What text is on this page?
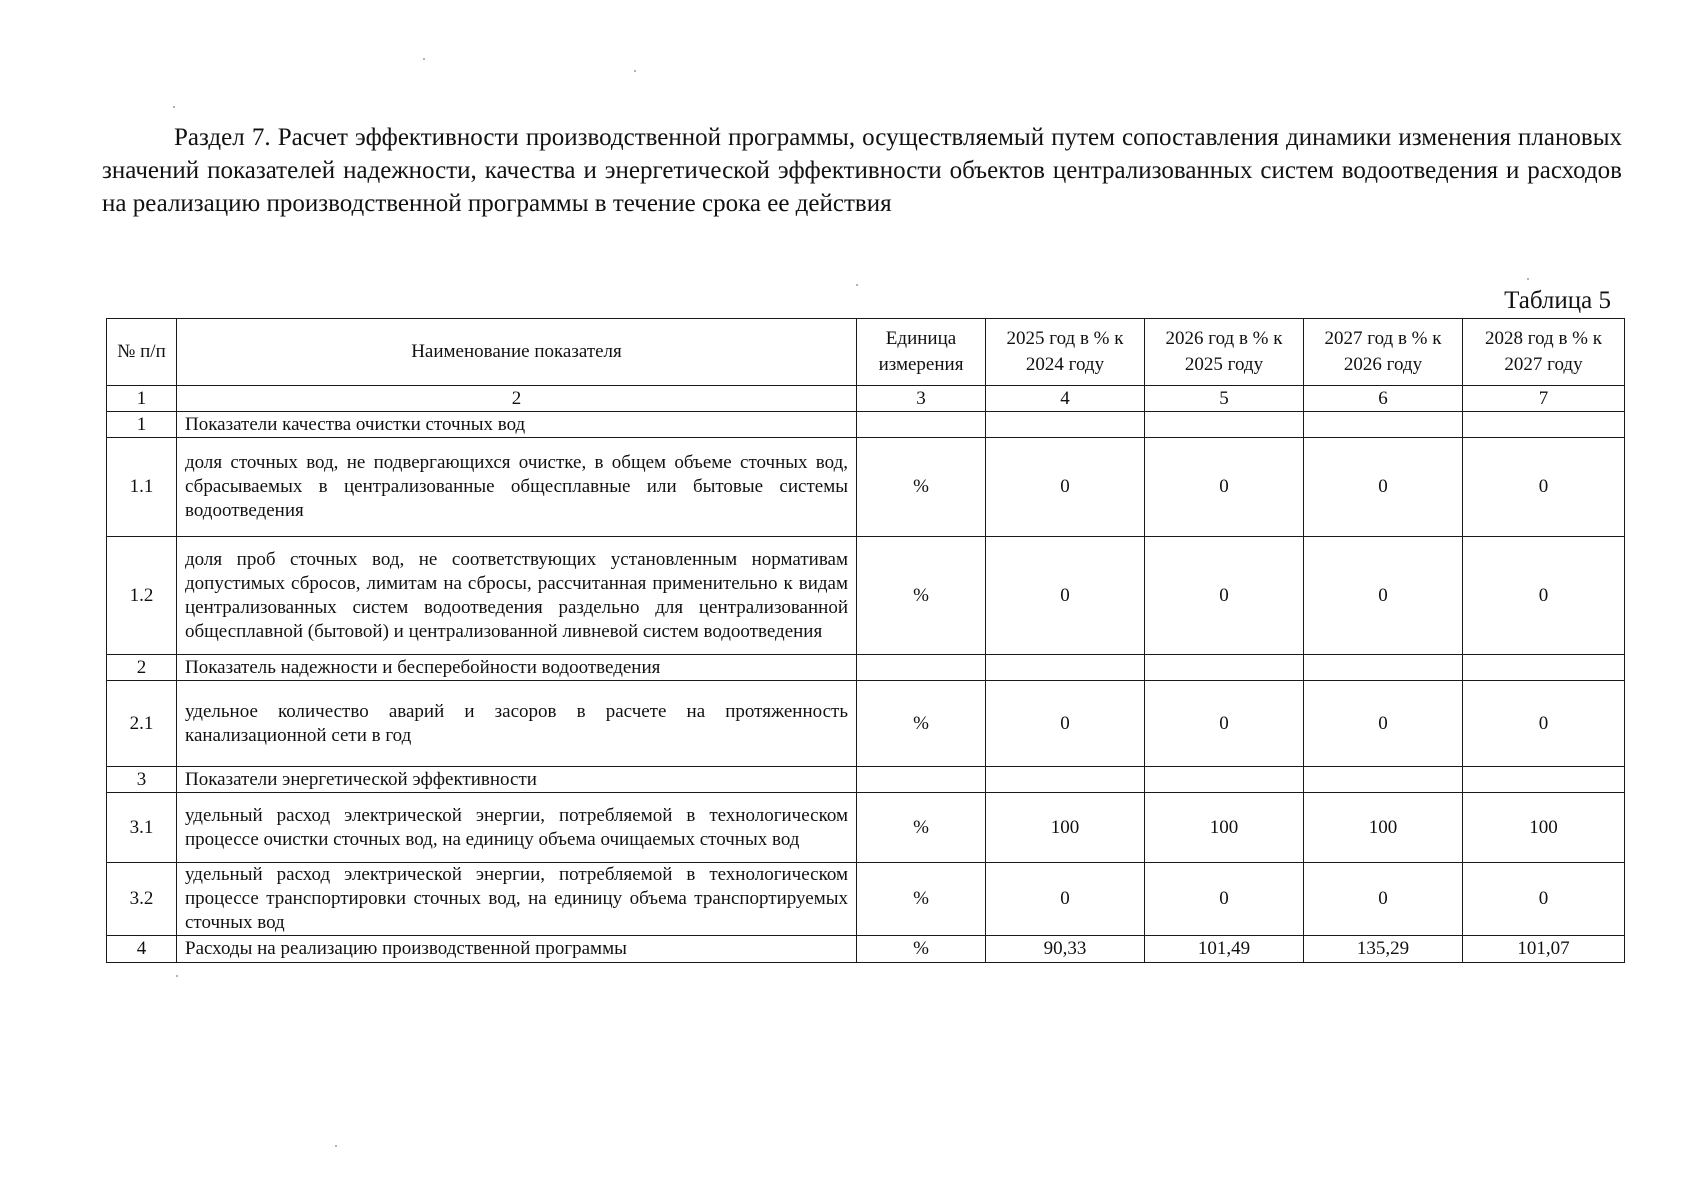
Раздел 7. Расчет эффективности производственной программы, осуществляемый путем сопоставления динамики изменения плановых значений показателей надежности, качества и энергетической эффективности объектов централизованных систем водоотведения и расходов на реализацию производственной программы в течение срока ее действия

Таблица 5
№ п/п	Наименование показателя	Единица измерения	2025 год в % к 2024 году	2026 год в % к 2025 году	2027 год в % к 2026 году	2028 год в % к 2027 году
1	2	3	4	5	6	7
1	Показатели качества очистки сточных вод					
1.1	доля сточных вод, не подвергающихся очистке, в общем объеме сточных вод, сбрасываемых в централизованные общесплавные или бытовые системы водоотведения	%	0	0	0	0
1.2	доля проб сточных вод, не соответствующих установленным нормативам допустимых сбросов, лимитам на сбросы, рассчитанная применительно к видам централизованных систем водоотведения раздельно для централизованной общесплавной (бытовой) и централизованной ливневой систем водоотведения	%	0	0	0	0
2	Показатель надежности и бесперебойности водоотведения					
2.1	удельное количество аварий и засоров в расчете на протяженность канализационной сети в год	%	0	0	0	0
3	Показатели энергетической эффективности					
3.1	удельный расход электрической энергии, потребляемой в технологическом процессе очистки сточных вод, на единицу объема очищаемых сточных вод	%	100	100	100	100
3.2	удельный расход электрической энергии, потребляемой в технологическом процессе транспортировки сточных вод, на единицу объема транспортируемых сточных вод	%	0	0	0	0
4	Расходы на реализацию производственной программы	%	90,33	101,49	135,29	101,07
